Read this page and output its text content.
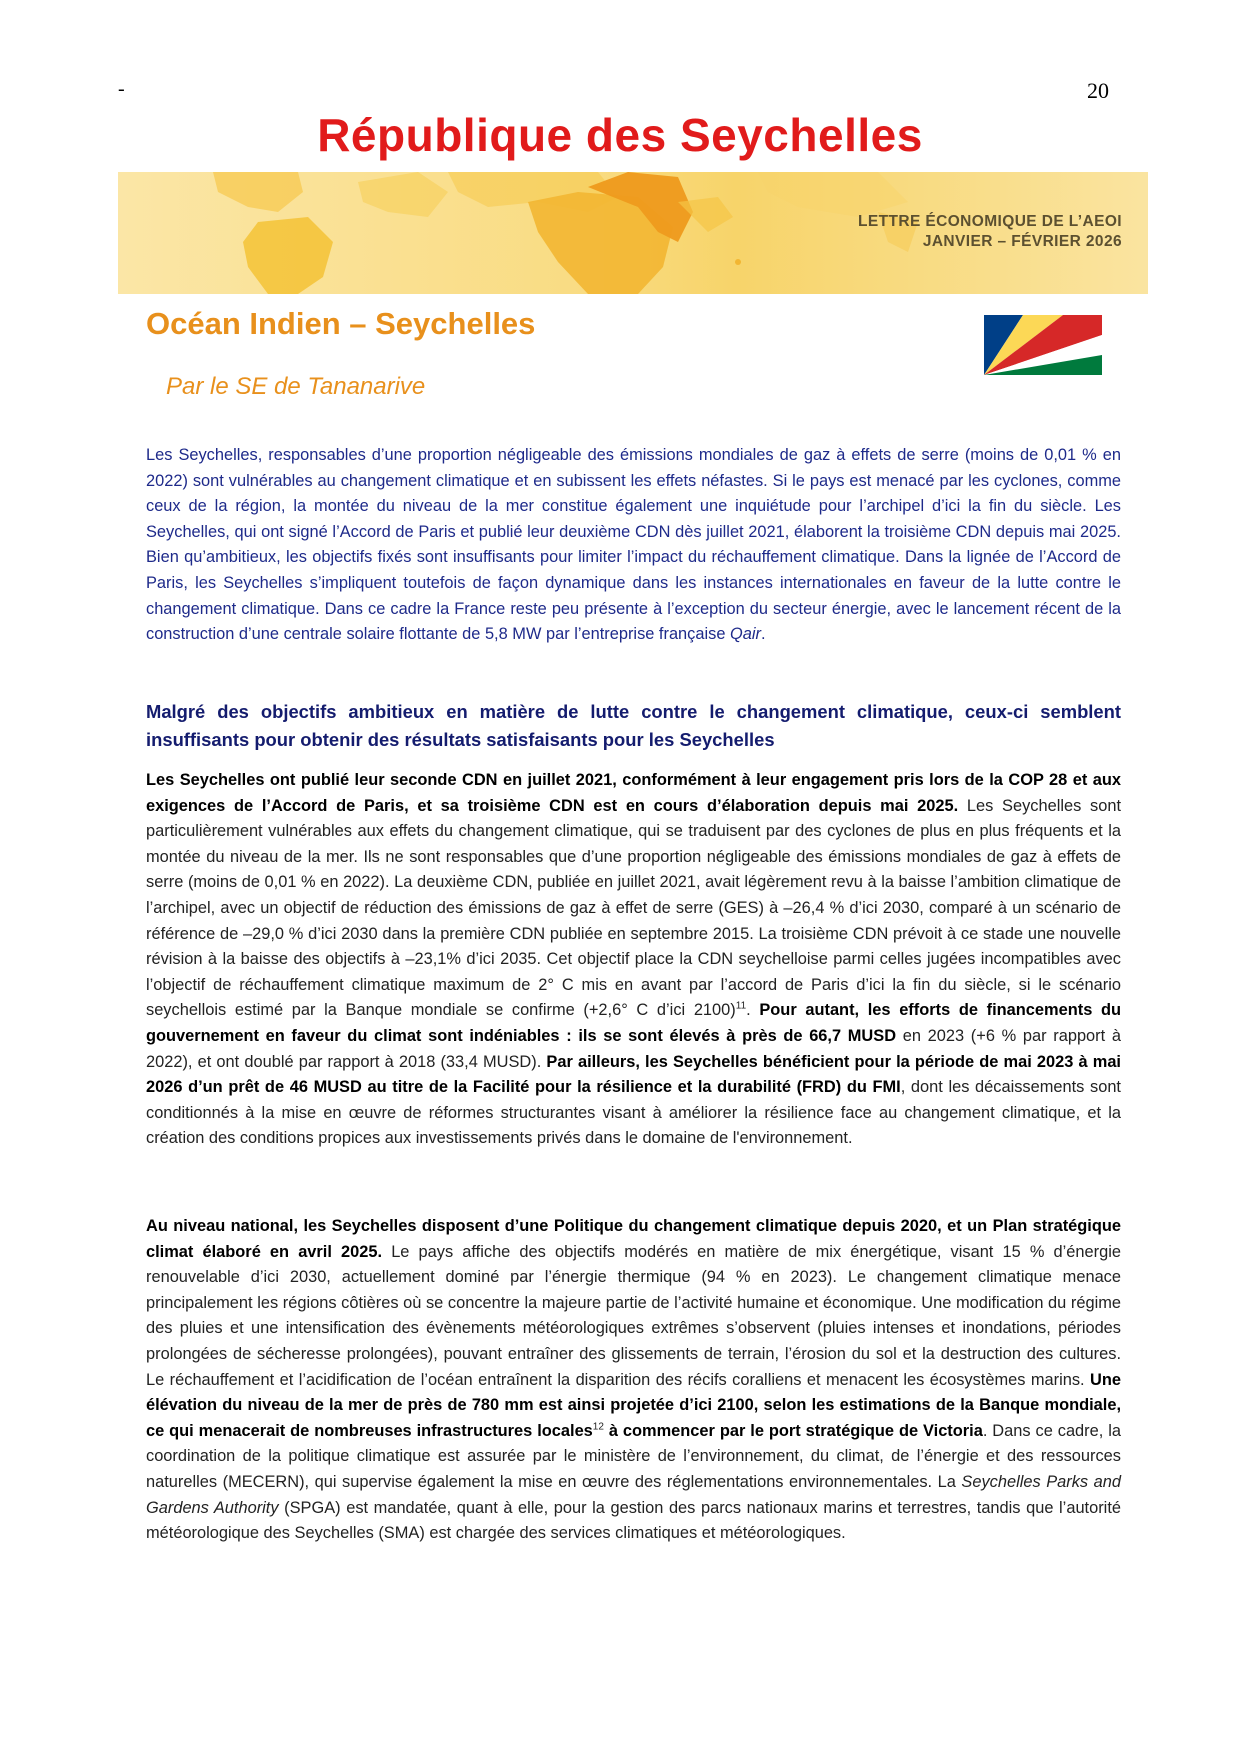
-	20
République des Seychelles
LETTRE ÉCONOMIQUE DE L’AEOI
JANVIER – FÉVRIER 2026
Océan Indien – Seychelles
Par le SE de Tananarive
Les Seychelles, responsables d’une proportion négligeable des émissions mondiales de gaz à effets de serre (moins de 0,01 % en 2022) sont vulnérables au changement climatique et en subissent les effets néfastes. Si le pays est menacé par les cyclones, comme ceux de la région, la montée du niveau de la mer constitue également une inquiétude pour l’archipel d’ici la fin du siècle. Les Seychelles, qui ont signé l’Accord de Paris et publié leur deuxième CDN dès juillet 2021, élaborent la troisième CDN depuis mai 2025. Bien qu’ambitieux, les objectifs fixés sont insuffisants pour limiter l’impact du réchauffement climatique. Dans la lignée de l’Accord de Paris, les Seychelles s’impliquent toutefois de façon dynamique dans les instances internationales en faveur de la lutte contre le changement climatique. Dans ce cadre la France reste peu présente à l’exception du secteur énergie, avec le lancement récent de la construction d’une centrale solaire flottante de 5,8 MW par l’entreprise française Qair.
Malgré des objectifs ambitieux en matière de lutte contre le changement climatique, ceux-ci semblent insuffisants pour obtenir des résultats satisfaisants pour les Seychelles
Les Seychelles ont publié leur seconde CDN en juillet 2021, conformément à leur engagement pris lors de la COP 28 et aux exigences de l’Accord de Paris, et sa troisième CDN est en cours d’élaboration depuis mai 2025. Les Seychelles sont particulièrement vulnérables aux effets du changement climatique, qui se traduisent par des cyclones de plus en plus fréquents et la montée du niveau de la mer. Ils ne sont responsables que d’une proportion négligeable des émissions mondiales de gaz à effets de serre (moins de 0,01 % en 2022). La deuxième CDN, publiée en juillet 2021, avait légèrement revu à la baisse l’ambition climatique de l’archipel, avec un objectif de réduction des émissions de gaz à effet de serre (GES) à –26,4 % d’ici 2030, comparé à un scénario de référence de –29,0 % d’ici 2030 dans la première CDN publiée en septembre 2015. La troisième CDN prévoit à ce stade une nouvelle révision à la baisse des objectifs à –23,1% d’ici 2035. Cet objectif place la CDN seychelloise parmi celles jugées incompatibles avec l’objectif de réchauffement climatique maximum de 2° C mis en avant par l’accord de Paris d’ici la fin du siècle, si le scénario seychellois estimé par la Banque mondiale se confirme (+2,6° C d’ici 2100)$^{11}$. Pour autant, les efforts de financements du gouvernement en faveur du climat sont indéniables : ils se sont élevés à près de 66,7 MUSD en 2023 (+6 % par rapport à 2022), et ont doublé par rapport à 2018 (33,4 MUSD). Par ailleurs, les Seychelles bénéficient pour la période de mai 2023 à mai 2026 d’un prêt de 46 MUSD au titre de la Facilité pour la résilience et la durabilité (FRD) du FMI, dont les décaissements sont conditionnés à la mise en œuvre de réformes structurantes visant à améliorer la résilience face au changement climatique, et la création des conditions propices aux investissements privés dans le domaine de l'environnement.
Au niveau national, les Seychelles disposent d’une Politique du changement climatique depuis 2020, et un Plan stratégique climat élaboré en avril 2025. Le pays affiche des objectifs modérés en matière de mix énergétique, visant 15 % d’énergie renouvelable d’ici 2030, actuellement dominé par l’énergie thermique (94 % en 2023). Le changement climatique menace principalement les régions côtières où se concentre la majeure partie de l’activité humaine et économique. Une modification du régime des pluies et une intensification des évènements météorologiques extrêmes s’observent (pluies intenses et inondations, périodes prolongées de sécheresse prolongées), pouvant entraîner des glissements de terrain, l’érosion du sol et la destruction des cultures. Le réchauffement et l’acidification de l’océan entraînent la disparition des récifs coralliens et menacent les écosystèmes marins. Une élévation du niveau de la mer de près de 780 mm est ainsi projetée d’ici 2100, selon les estimations de la Banque mondiale, ce qui menacerait de nombreuses infrastructures locales$^{12}$ à commencer par le port stratégique de Victoria. Dans ce cadre, la coordination de la politique climatique est assurée par le ministère de l’environnement, du climat, de l’énergie et des ressources naturelles (MECERN), qui supervise également la mise en œuvre des réglementations environnementales. La Seychelles Parks and Gardens Authority (SPGA) est mandatée, quant à elle, pour la gestion des parcs nationaux marins et terrestres, tandis que l’autorité météorologique des Seychelles (SMA) est chargée des services climatiques et météorologiques.
